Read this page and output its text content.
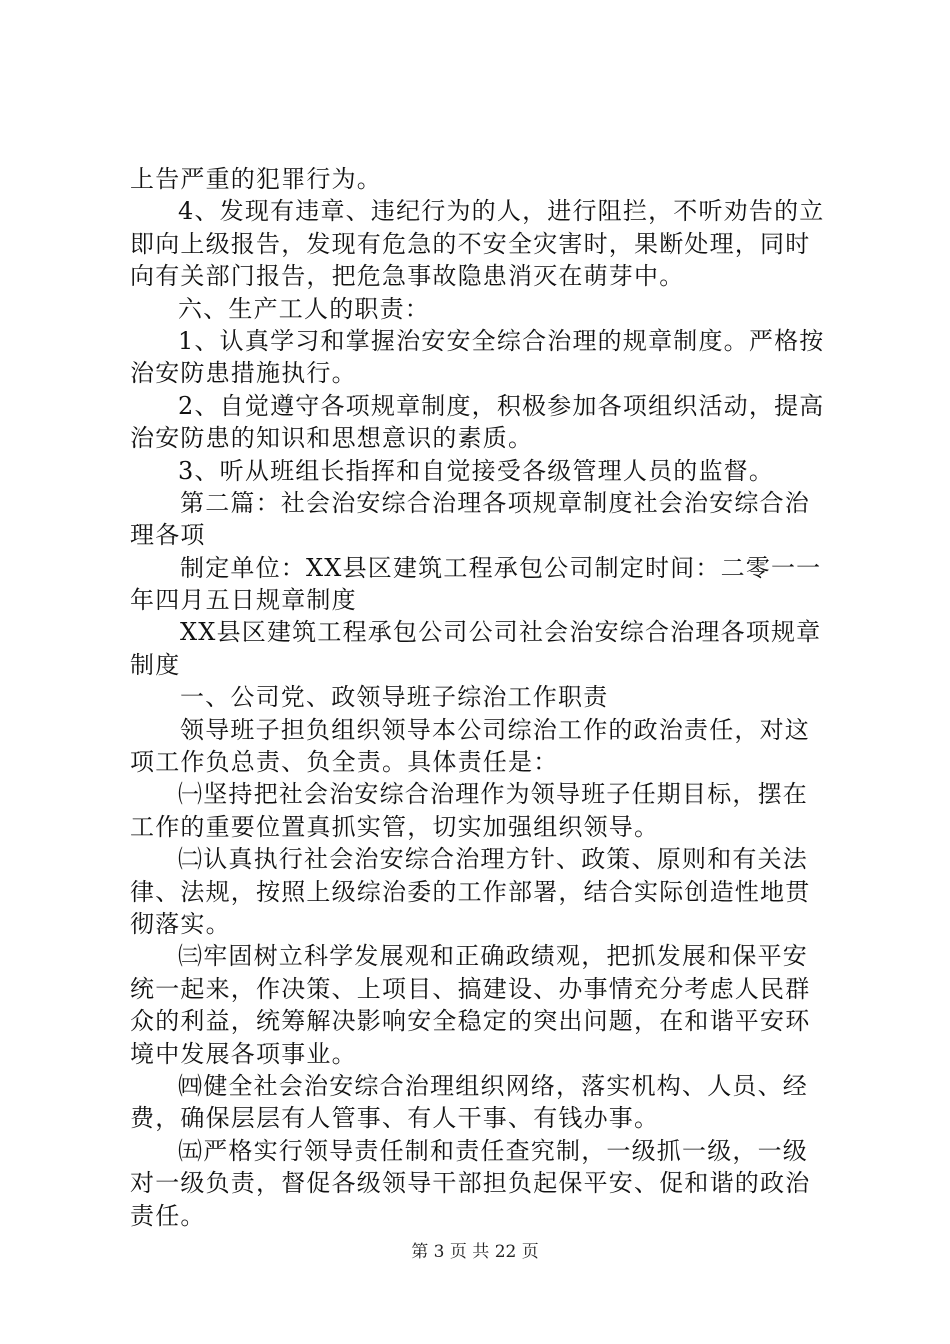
上告严重的犯罪行为。
4、发现有违章、违纪行为的人，进行阻拦，不听劝告的立
即向上级报告，发现有危急的不安全灾害时，果断处理，同时
向有关部门报告，把危急事故隐患消灭在萌芽中。
六、生产工人的职责：
1、认真学习和掌握治安安全综合治理的规章制度。严格按
治安防患措施执行。
2、自觉遵守各项规章制度，积极参加各项组织活动，提高
治安防患的知识和思想意识的素质。
3、听从班组长指挥和自觉接受各级管理人员的监督。
第二篇：社会治安综合治理各项规章制度社会治安综合治
理各项
制定单位：XX县区建筑工程承包公司制定时间：二零一一
年四月五日规章制度
XX县区建筑工程承包公司公司社会治安综合治理各项规章
制度
一、公司党、政领导班子综治工作职责
领导班子担负组织领导本公司综治工作的政治责任，对这
项工作负总责、负全责。具体责任是：
㈠坚持把社会治安综合治理作为领导班子任期目标，摆在
工作的重要位置真抓实管，切实加强组织领导。
㈡认真执行社会治安综合治理方针、政策、原则和有关法
律、法规，按照上级综治委的工作部署，结合实际创造性地贯
彻落实。
㈢牢固树立科学发展观和正确政绩观，把抓发展和保平安
统一起来，作决策、上项目、搞建设、办事情充分考虑人民群
众的利益，统筹解决影响安全稳定的突出问题，在和谐平安环
境中发展各项事业。
㈣健全社会治安综合治理组织网络，落实机构、人员、经
费，确保层层有人管事、有人干事、有钱办事。
㈤严格实行领导责任制和责任查究制，一级抓一级，一级
对一级负责，督促各级领导干部担负起保平安、促和谐的政治
责任。
第 3 页 共 22 页
